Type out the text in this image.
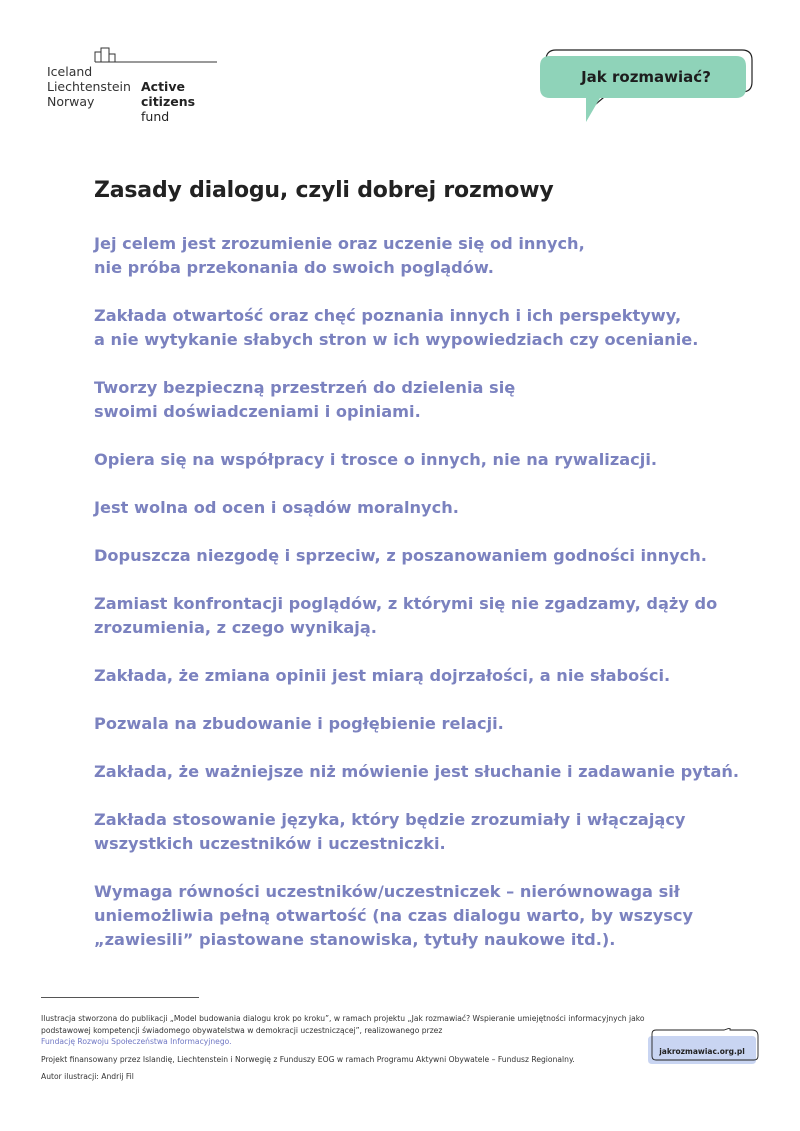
Iceland
Liechtenstein
Norway
Active
citizens fund
Jak rozmawiać?
Zasady dialogu, czyli dobrej rozmowy
Jej celem jest zrozumienie oraz uczenie się od innych,
nie próba przekonania do swoich poglądów.
Zakłada otwartość oraz chęć poznania innych i ich perspektywy,
a nie wytykanie słabych stron w ich wypowiedziach czy ocenianie.
Tworzy bezpieczną przestrzeń do dzielenia się
swoimi doświadczeniami i opiniami.
Opiera się na współpracy i trosce o innych, nie na rywalizacji.
Jest wolna od ocen i osądów moralnych.
Dopuszcza niezgodę i sprzeciw, z poszanowaniem godności innych.
Zamiast konfrontacji poglądów, z którymi się nie zgadzamy, dąży do
zrozumienia, z czego wynikają.
Zakłada, że zmiana opinii jest miarą dojrzałości, a nie słabości.
Pozwala na zbudowanie i pogłębienie relacji.
Zakłada, że ważniejsze niż mówienie jest słuchanie i zadawanie pytań.
Zakłada stosowanie języka, który będzie zrozumiały i włączający
wszystkich uczestników i uczestniczki.
Wymaga równości uczestników/uczestniczek – nierównowaga sił
uniemożliwia pełną otwartość (na czas dialogu warto, by wszyscy
„zawiesili” piastowane stanowiska, tytuły naukowe itd.).

Ilustracja stworzona do publikacji „Model budowania dialogu krok po kroku”, w ramach projektu „Jak rozmawiać? Wspieranie umiejętności informacyjnych jako podstawowej kompetencji świadomego obywatelstwa w demokracji uczestniczącej”, realizowanego przez

Fundację Rozwoju Społeczeństwa Informacyjnego.

Projekt finansowany przez Islandię, Liechtenstein i Norwegię z Funduszy EOG w ramach Programu Aktywni Obywatele – Fundusz Regionalny.

Autor ilustracji: Andrij Fil

jakrozmawiac.org.pl
